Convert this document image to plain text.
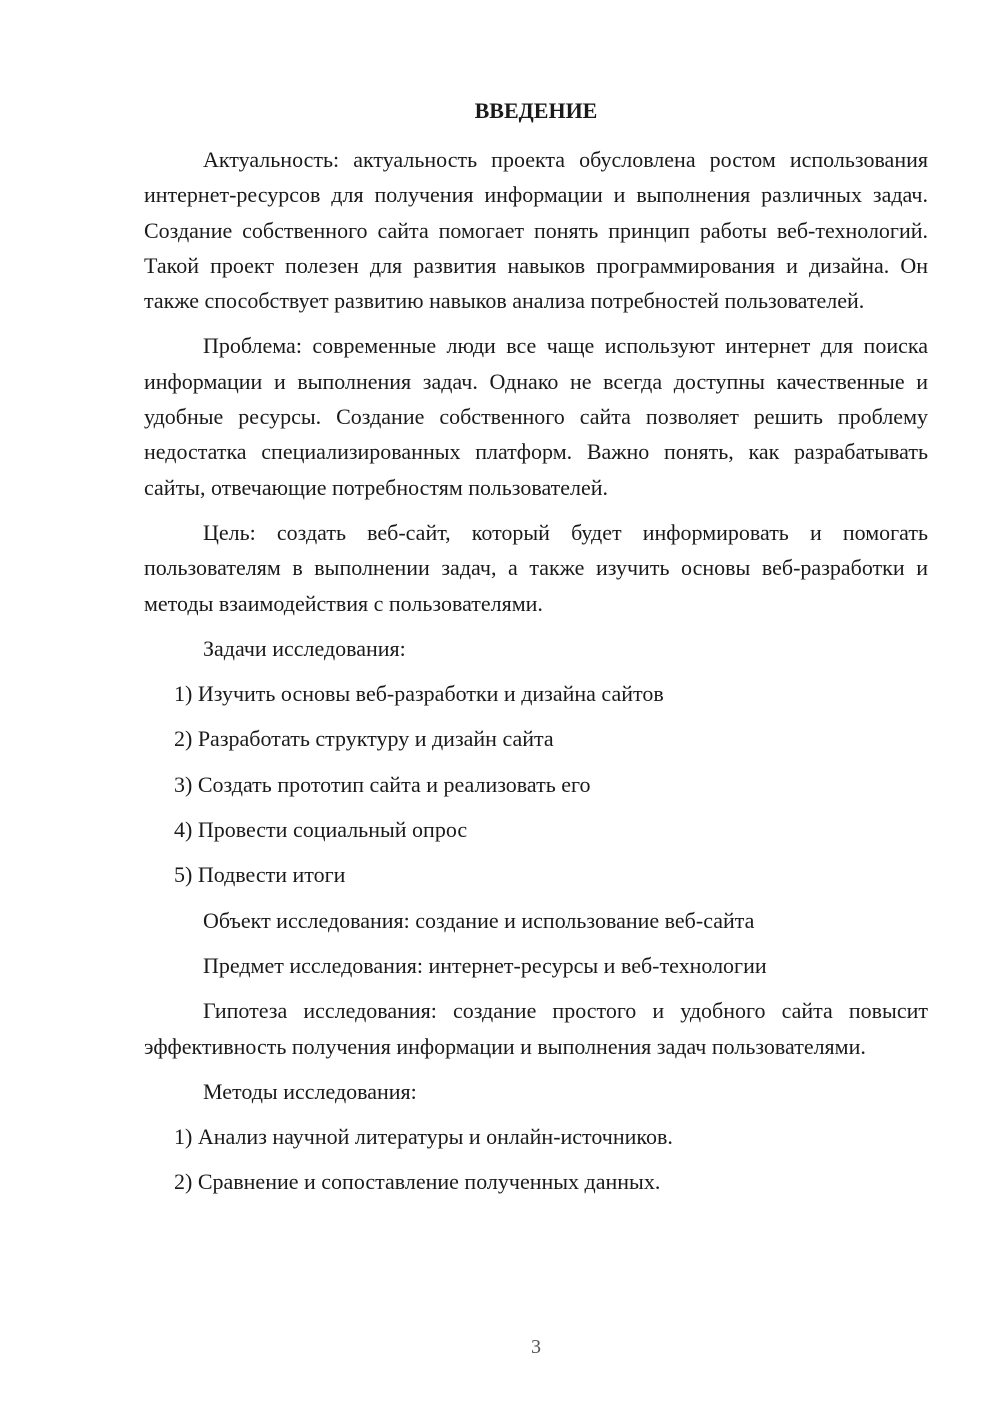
ВВЕДЕНИЕ

Актуальность: актуальность проекта обусловлена ростом использования интернет-ресурсов для получения информации и выполнения различных задач. Создание собственного сайта помогает понять принцип работы веб-технологий. Такой проект полезен для развития навыков программирования и дизайна. Он также способствует развитию навыков анализа потребностей пользователей.

Проблема: современные люди все чаще используют интернет для поиска информации и выполнения задач. Однако не всегда доступны качественные и удобные ресурсы. Создание собственного сайта позволяет решить проблему недостатка специализированных платформ. Важно понять, как разрабатывать сайты, отвечающие потребностям пользователей.

Цель: создать веб-сайт, который будет информировать и помогать пользователям в выполнении задач, а также изучить основы веб-разработки и методы взаимодействия с пользователями.

Задачи исследования:

1) Изучить основы веб-разработки и дизайна сайтов

2) Разработать структуру и дизайн сайта

3) Создать прототип сайта и реализовать его

4) Провести социальный опрос

5) Подвести итоги

Объект исследования: создание и использование веб-сайта

Предмет исследования: интернет-ресурсы и веб-технологии

Гипотеза исследования: создание простого и удобного сайта повысит эффективность получения информации и выполнения задач пользователями.

Методы исследования:

1) Анализ научной литературы и онлайн-источников.

2) Сравнение и сопоставление полученных данных.

3
